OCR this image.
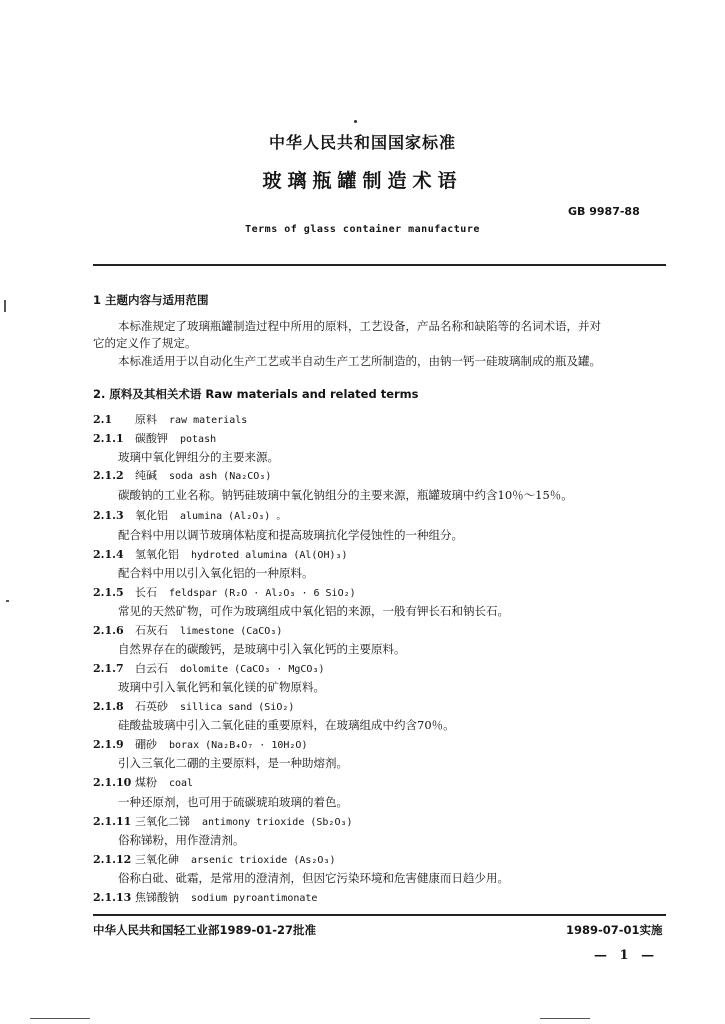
中华人民共和国国家标准
玻璃瓶罐制造术语
GB 9987-88
Terms of glass container manufacture
1 主题内容与适用范围
本标准规定了玻璃瓶罐制造过程中所用的原料，工艺设备，产品名称和缺陷等的名词术语，并对
它的定义作了规定。
本标准适用于以自动化生产工艺或半自动生产工艺所制造的，由钠一钙一硅玻璃制成的瓶及罐。
2. 原料及其相关术语 Raw materials and related terms
2.1 原料 raw materials
2.1.1 碳酸钾 potash
玻璃中氧化钾组分的主要来源。
2.1.2 纯碱 soda ash (Na₂CO₃)
碳酸钠的工业名称。钠钙硅玻璃中氧化钠组分的主要来源，瓶罐玻璃中约含10％～15％。
2.1.3 氧化铝 alumina (Al₂O₃) 。
配合料中用以调节玻璃体粘度和提高玻璃抗化学侵蚀性的一种组分。
2.1.4 氢氧化铝 hydroted alumina (Al(OH)₃)
配合料中用以引入氧化铝的一种原料。
2.1.5 长石 feldspar (R₂O · Al₂O₃ · 6 SiO₂)
常见的天然矿物，可作为玻璃组成中氧化铝的来源，一般有钾长石和钠长石。
2.1.6 石灰石 limestone (CaCO₃)
自然界存在的碳酸钙，是玻璃中引入氧化钙的主要原料。
2.1.7 白云石 dolomite (CaCO₃ · MgCO₃)
玻璃中引入氧化钙和氧化镁的矿物原料。
2.1.8 石英砂 sillica sand (SiO₂)
硅酸盐玻璃中引入二氧化硅的重要原料，在玻璃组成中约含70％。
2.1.9 硼砂 borax (Na₂B₄O₇ · 10H₂O)
引入三氧化二硼的主要原料，是一种助熔剂。
2.1.10 煤粉 coal
一种还原剂，也可用于硫碳琥珀玻璃的着色。
2.1.11 三氧化二锑 antimony trioxide (Sb₂O₃)
俗称锑粉，用作澄清剂。
2.1.12 三氧化砷 arsenic trioxide (As₂O₃)
俗称白砒、砒霜，是常用的澄清剂，但因它污染环境和危害健康而日趋少用。
2.1.13 焦锑酸钠 sodium pyroantimonate
中华人民共和国轻工业部1989-01-27批准	1989-07-01实施
— 1 —
